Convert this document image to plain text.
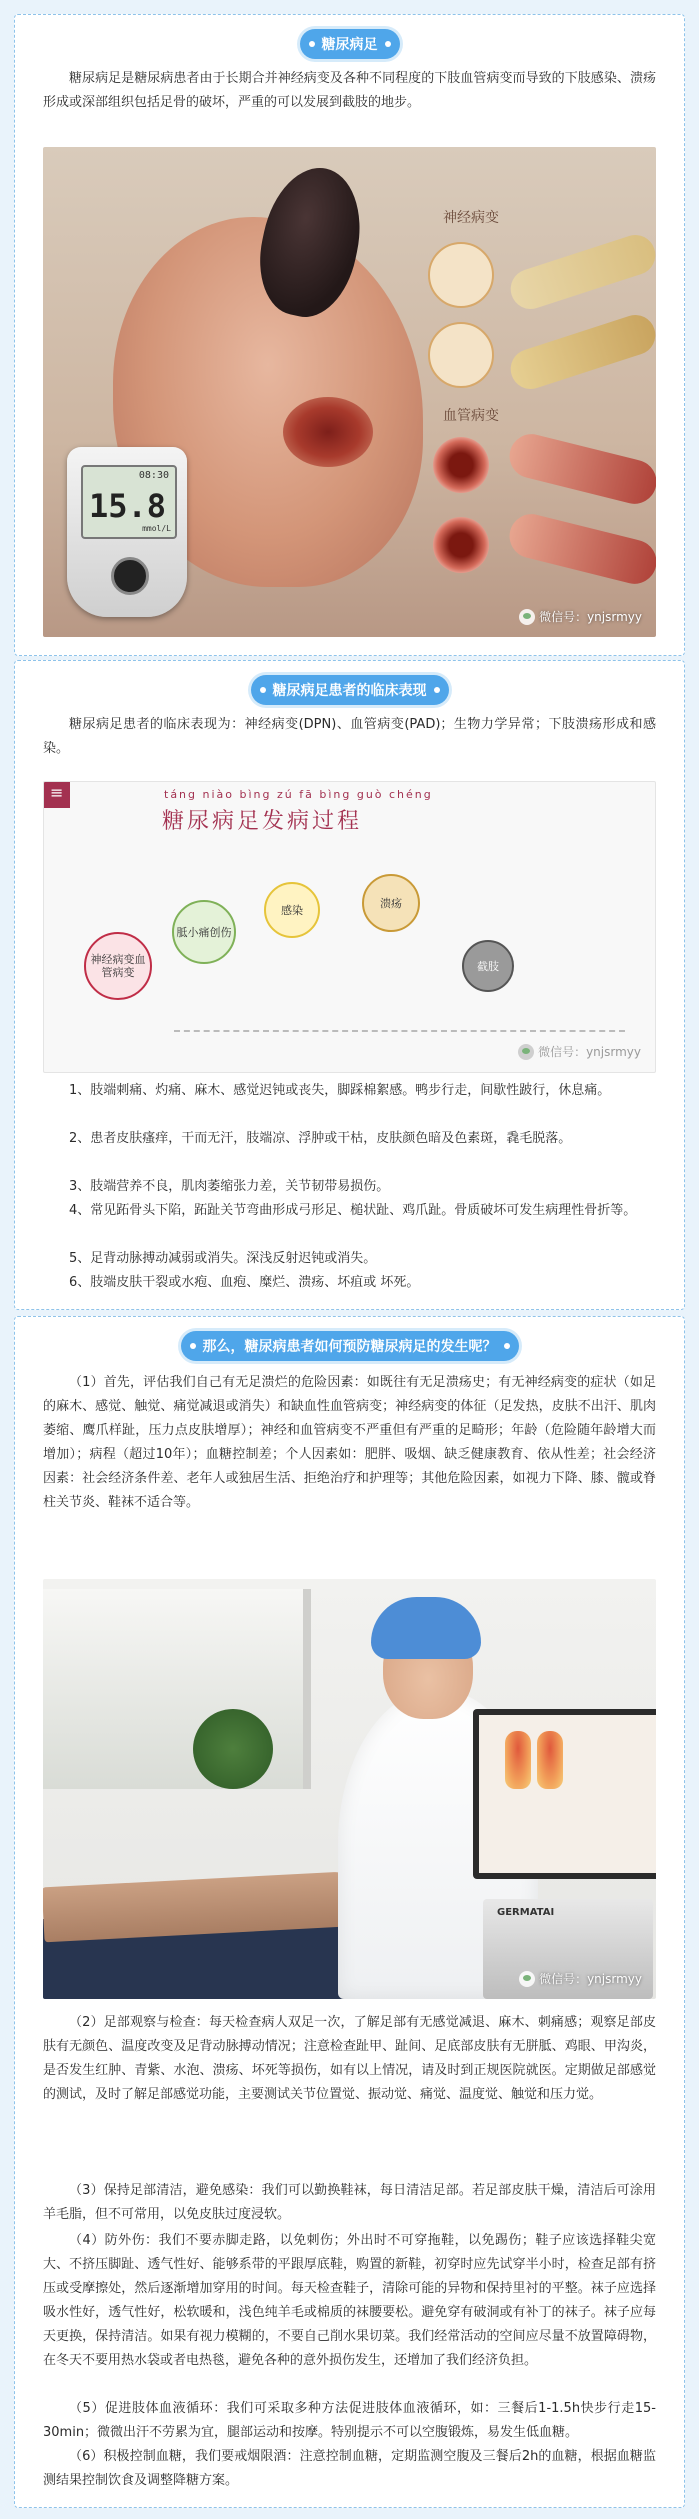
糖尿病足

糖尿病足是糖尿病患者由于长期合并神经病变及各种不同程度的下肢血管病变而导致的下肢感染、溃疡形成或深部组织包括足骨的破坏，严重的可以发展到截肢的地步。

08:30
15.8
mmol/L
神经病变
血管病变
微信号：ynjsrmyy
糖尿病足患者的临床表现

糖尿病足患者的临床表现为：神经病变(DPN)、血管病变(PAD)；生物力学异常；下肢溃疡形成和感染。

≡
táng niào bìng zú fā bìng guò chéng
糖尿病足发病过程
神经病变血管病变
胝小痛创伤
感染
溃疡
截肢
微信号：ynjsrmyy

1、肢端刺痛、灼痛、麻木、感觉迟钝或丧失，脚踩棉絮感。鸭步行走，间歇性跛行，休息痛。

2、患者皮肤瘙痒，干而无汗，肢端凉、浮肿或干枯，皮肤颜色暗及色素斑，毳毛脱落。

3、肢端营养不良，肌肉萎缩张力差，关节韧带易损伤。

4、常见跖骨头下陷，跖趾关节弯曲形成弓形足、槌状趾、鸡爪趾。骨质破坏可发生病理性骨折等。

5、足背动脉搏动减弱或消失。深浅反射迟钝或消失。

6、肢端皮肤干裂或水疱、血疱、糜烂、溃疡、坏疽或 坏死。

那么，糖尿病患者如何预防糖尿病足的发生呢？

（1）首先，评估我们自己有无足溃烂的危险因素：如既往有无足溃疡史；有无神经病变的症状（如足的麻木、感觉、触觉、痛觉减退或消失）和缺血性血管病变；神经病变的体征（足发热，皮肤不出汗、肌肉萎缩、鹰爪样趾，压力点皮肤增厚）；神经和血管病变不严重但有严重的足畸形；年龄（危险随年龄增大而增加）；病程（超过10年）；血糖控制差；个人因素如：肥胖、吸烟、缺乏健康教育、依从性差；社会经济因素：社会经济条件差、老年人或独居生活、拒绝治疗和护理等；其他危险因素，如视力下降、膝、髋或脊柱关节炎、鞋袜不适合等。

GERMATAI
微信号：ynjsrmyy

（2）足部观察与检查：每天检查病人双足一次，了解足部有无感觉减退、麻木、刺痛感；观察足部皮肤有无颜色、温度改变及足背动脉搏动情况；注意检查趾甲、趾间、足底部皮肤有无胼胝、鸡眼、甲沟炎，是否发生红肿、青紫、水泡、溃疡、坏死等损伤，如有以上情况，请及时到正规医院就医。定期做足部感觉的测试，及时了解足部感觉功能，主要测试关节位置觉、振动觉、痛觉、温度觉、触觉和压力觉。

（3）保持足部清洁，避免感染：我们可以勤换鞋袜，每日清洁足部。若足部皮肤干燥，清洁后可涂用羊毛脂，但不可常用，以免皮肤过度浸软。

（4）防外伤：我们不要赤脚走路，以免刺伤；外出时不可穿拖鞋，以免踢伤；鞋子应该选择鞋尖宽大、不挤压脚趾、透气性好、能够系带的平跟厚底鞋，购置的新鞋，初穿时应先试穿半小时，检查足部有挤压或受摩擦处，然后逐渐增加穿用的时间。每天检查鞋子，清除可能的异物和保持里衬的平整。袜子应选择吸水性好，透气性好，松软暖和，浅色纯羊毛或棉质的袜腰要松。避免穿有破洞或有补丁的袜子。袜子应每天更换，保持清洁。如果有视力模糊的，不要自己削水果切菜。我们经常活动的空间应尽量不放置障碍物，在冬天不要用热水袋或者电热毯，避免各种的意外损伤发生，还增加了我们经济负担。

（5）促进肢体血液循环：我们可采取多种方法促进肢体血液循环，如：三餐后1-1.5h快步行走15-30min；微微出汗不劳累为宜，腿部运动和按摩。特别提示不可以空腹锻炼，易发生低血糖。

（6）积极控制血糖，我们要戒烟限酒：注意控制血糖，定期监测空腹及三餐后2h的血糖，根据血糖监测结果控制饮食及调整降糖方案。
